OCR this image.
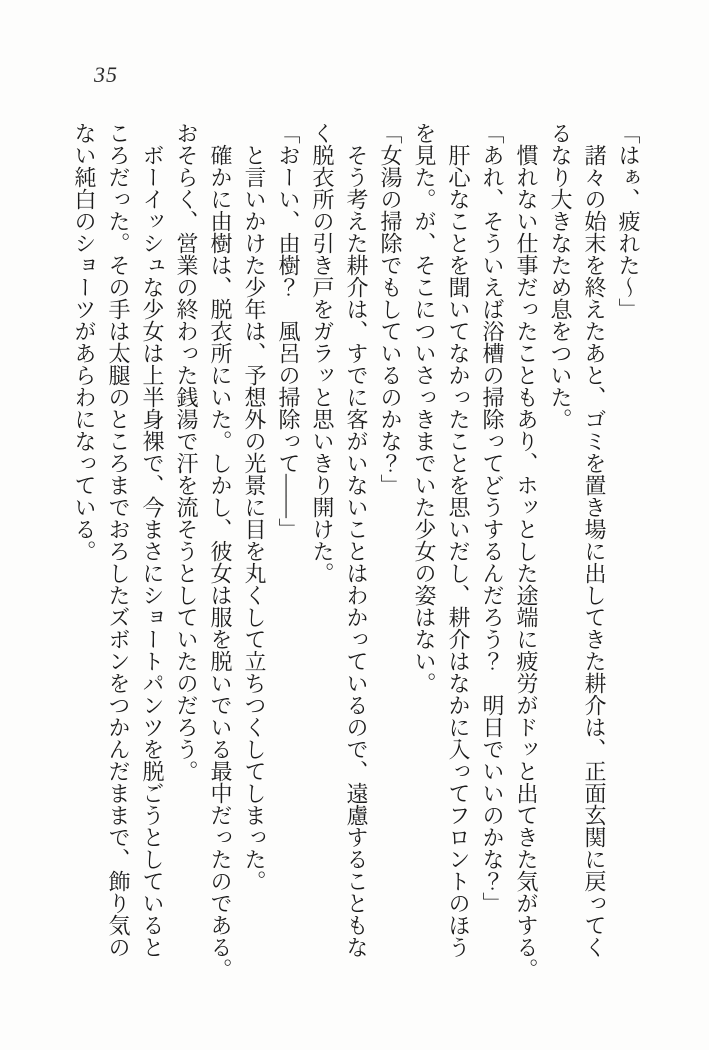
35
「はぁ、疲れた〜」
諸々の始末を終えたあと、ゴミを置き場に出してきた耕介は、正面玄関に戻ってく
るなり大きなため息をついた。
慣れない仕事だったこともあり、ホッとした途端に疲労がドッと出てきた気がする。
「あれ、そういえば浴槽の掃除ってどうするんだろう？　明日でいいのかな？」
肝心なことを聞いてなかったことを思いだし、耕介はなかに入ってフロントのほう
を見た。が、そこについさっきまでいた少女の姿はない。
「女湯の掃除でもしているのかな？」
そう考えた耕介は、すでに客がいないことはわかっているので、遠慮することもな
く脱衣所の引き戸をガラッと思いきり開けた。
「おーい、由樹？　風呂の掃除って――」
と言いかけた少年は、予想外の光景に目を丸くして立ちつくしてしまった。
確かに由樹は、脱衣所にいた。しかし、彼女は服を脱いでいる最中だったのである。
おそらく、営業の終わった銭湯で汗を流そうとしていたのだろう。
ボーイッシュな少女は上半身裸で、今まさにショートパンツを脱ごうとしていると
ころだった。その手は太腿のところまでおろしたズボンをつかんだままで、飾り気の
ない純白のショーツがあらわになっている。
